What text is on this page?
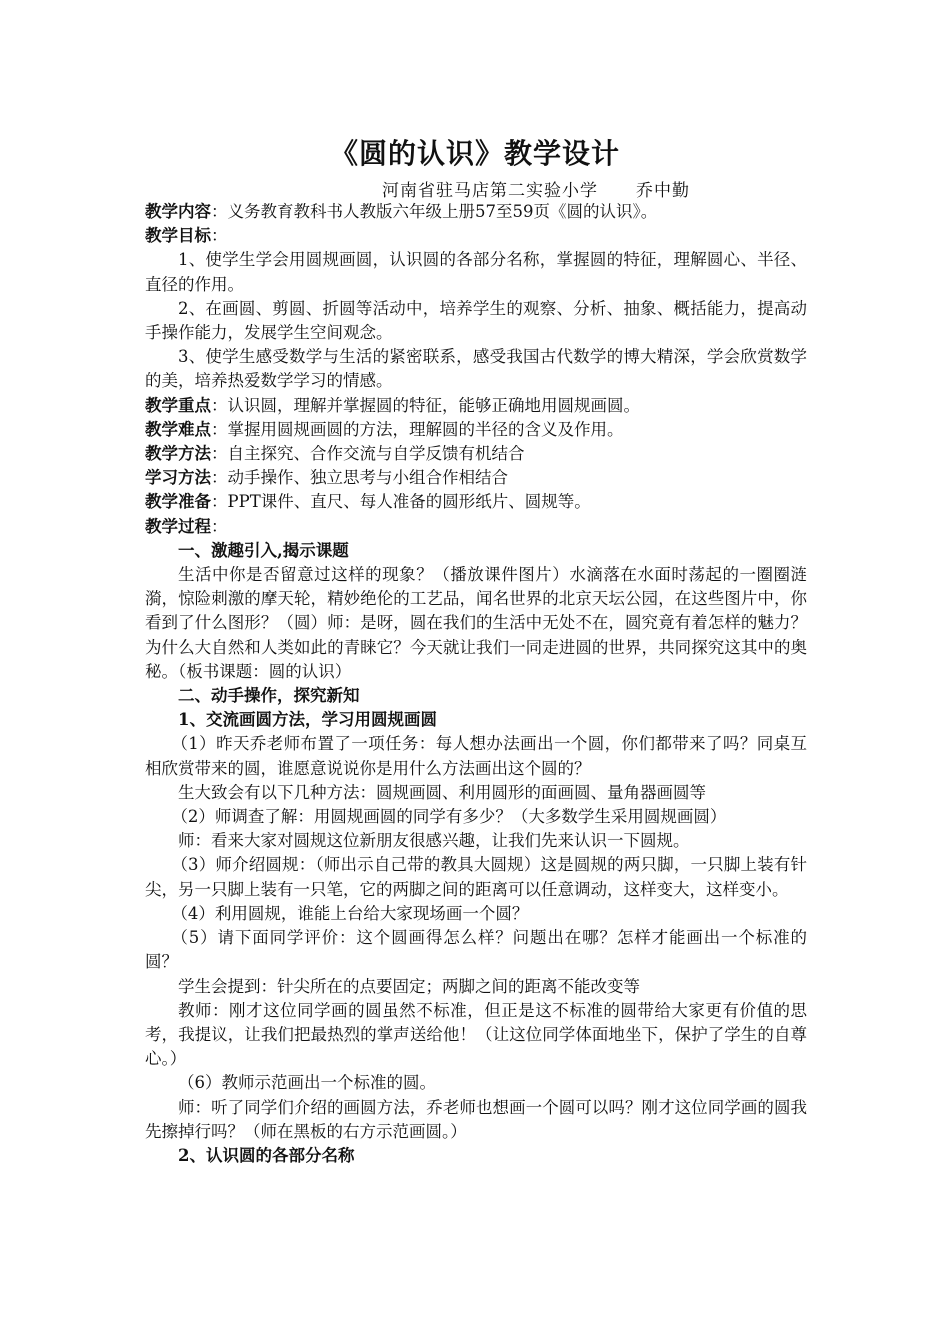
《圆的认识》教学设计
河南省驻马店第二实验小学 乔中勤

教学内容：义务教育教科书人教版六年级上册57至59页《圆的认识》。

教学目标：

1、使学生学会用圆规画圆，认识圆的各部分名称，掌握圆的特征，理解圆心、半径、直径的作用。

2、在画圆、剪圆、折圆等活动中，培养学生的观察、分析、抽象、概括能力，提高动手操作能力，发展学生空间观念。

3、使学生感受数学与生活的紧密联系，感受我国古代数学的博大精深，学会欣赏数学的美，培养热爱数学学习的情感。

教学重点：认识圆，理解并掌握圆的特征，能够正确地用圆规画圆。

教学难点：掌握用圆规画圆的方法，理解圆的半径的含义及作用。

教学方法：自主探究、合作交流与自学反馈有机结合

学习方法：动手操作、独立思考与小组合作相结合

教学准备：PPT课件、直尺、每人准备的圆形纸片、圆规等。

教学过程：

一、激趣引入,揭示课题

生活中你是否留意过这样的现象？（播放课件图片）水滴落在水面时荡起的一圈圈涟漪，惊险刺激的摩天轮，精妙绝伦的工艺品，闻名世界的北京天坛公园，在这些图片中，你看到了什么图形？（圆）师：是呀，圆在我们的生活中无处不在，圆究竟有着怎样的魅力？为什么大自然和人类如此的青睐它？今天就让我们一同走进圆的世界，共同探究这其中的奥秘。（板书课题：圆的认识）

二、动手操作，探究新知

1、交流画圆方法，学习用圆规画圆

（1）昨天乔老师布置了一项任务：每人想办法画出一个圆，你们都带来了吗？同桌互相欣赏带来的圆，谁愿意说说你是用什么方法画出这个圆的？

生大致会有以下几种方法：圆规画圆、利用圆形的面画圆、量角器画圆等

（2）师调查了解：用圆规画圆的同学有多少？（大多数学生采用圆规画圆）

师：看来大家对圆规这位新朋友很感兴趣，让我们先来认识一下圆规。

（3）师介绍圆规：（师出示自己带的教具大圆规）这是圆规的两只脚，一只脚上装有针尖，另一只脚上装有一只笔，它的两脚之间的距离可以任意调动，这样变大，这样变小。

（4）利用圆规，谁能上台给大家现场画一个圆？

（5）请下面同学评价：这个圆画得怎么样？问题出在哪？怎样才能画出一个标准的圆？

学生会提到：针尖所在的点要固定；两脚之间的距离不能改变等

教师：刚才这位同学画的圆虽然不标准，但正是这不标准的圆带给大家更有价值的思考，我提议，让我们把最热烈的掌声送给他！（让这位同学体面地坐下，保护了学生的自尊心。）

（6）教师示范画出一个标准的圆。

师：听了同学们介绍的画圆方法，乔老师也想画一个圆可以吗？刚才这位同学画的圆我先擦掉行吗？（师在黑板的右方示范画圆。）

2、认识圆的各部分名称
